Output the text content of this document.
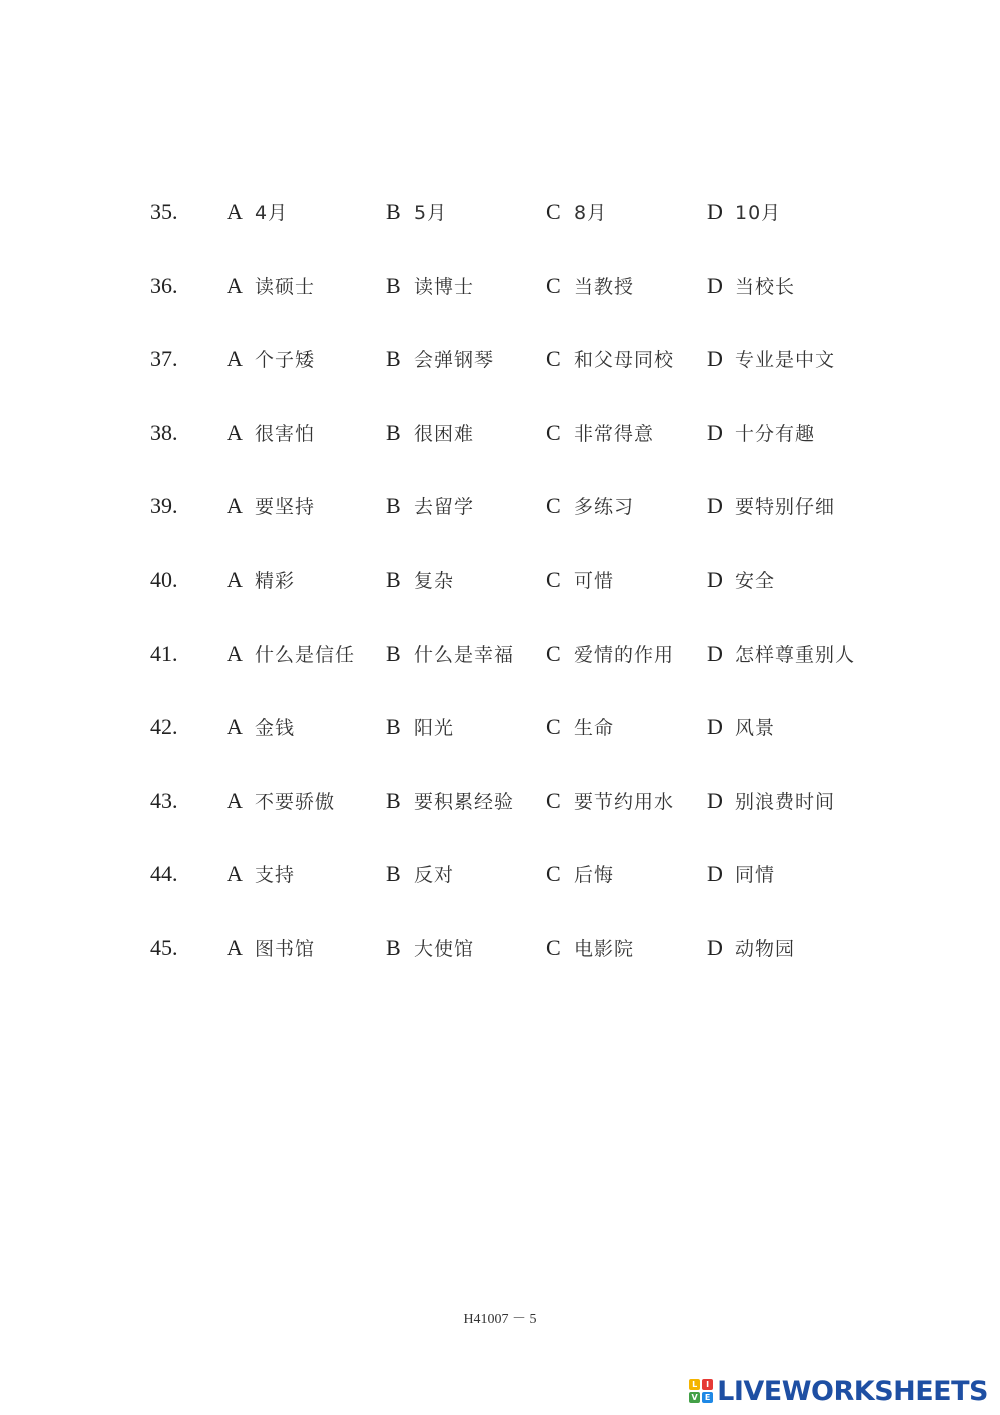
35. A 4月	B 5月	C 8月	D 10月
36. A 读硕士	B 读博士	C 当教授	D 当校长
37. A 个子矮	B 会弹钢琴 C 和父母同校 D 专业是中文
38. A 很害怕	B 很困难	C 非常得意 D 十分有趣
39. A 要坚持	B 去留学	C 多练习	D 要特别仔细
40. A 精彩	B 复杂	C 可惜	D 安全
41. A 什么是信任 B 什么是幸福 C 爱情的作用 D 怎样尊重别人
42. A 金钱	B 阳光	C 生命	D 风景
43. A 不要骄傲 B 要积累经验 C 要节约用水 D 别浪费时间
44. A 支持	B 反对	C 后悔	D 同情
45. A 图书馆	B 大使馆	C 电影院	D 动物园
H41007 － 5
L	I
V E LIVEWORKSHEETS
